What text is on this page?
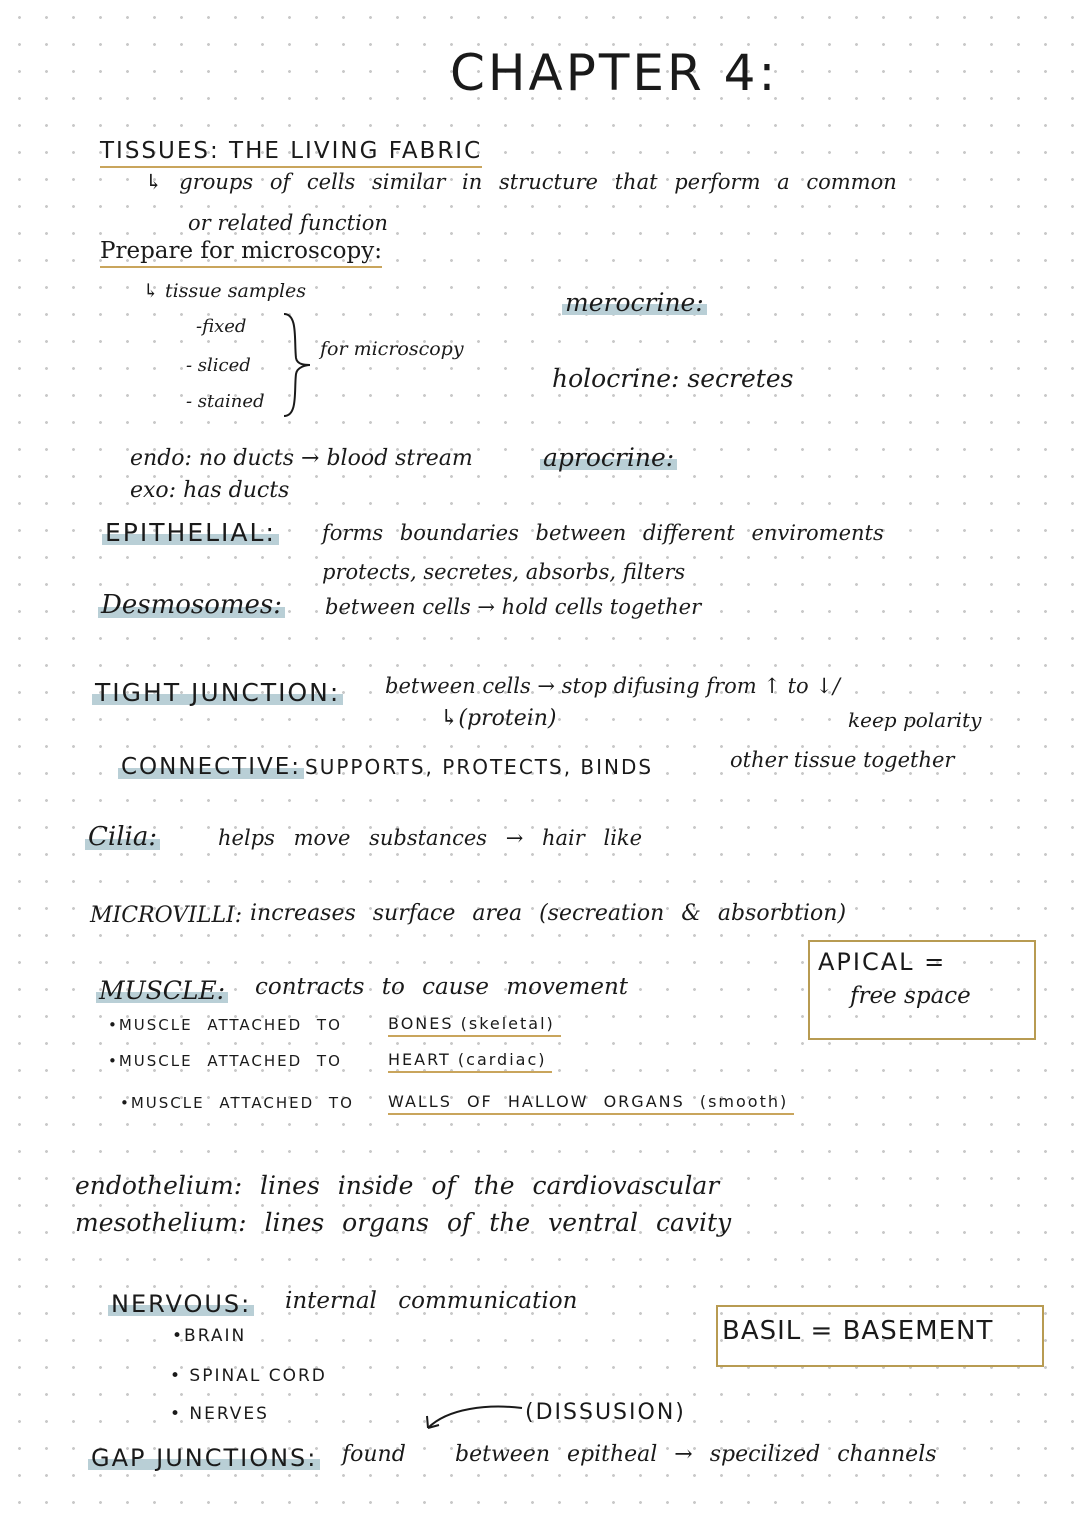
CHAPTER 4:
TISSUES: THE LIVING FABRIC
↳ groups of cells similar in structure that perform a common
or related function
Prepare for microscopy:
↳ tissue samples
-fixed
- sliced
- stained
for microscopy
merocrine:
holocrine: secretes
aprocrine:
endo: no ducts → blood stream
exo: has ducts
EPITHELIAL: forms boundaries between different enviroments
protects, secretes, absorbs, filters
Desmosomes: between cells → hold cells together
TIGHT JUNCTION: between cells → stop difusing from ↑ to ↓/
↳(protein)	keep polarity
CONNECTIVE: SUPPORTS, PROTECTS, BINDS	other tissue together
Cilia:	helps move substances → hair like
MICROVILLI: increases surface area (secreation & absorbtion)
APICAL =
free space
MUSCLE: contracts to cause movement
•MUSCLE ATTACHED TO	BONES (skeletal)
•MUSCLE ATTACHED TO	HEART (cardiac)
•MUSCLE ATTACHED TO WALLS OF HALLOW ORGANS (smooth)
endothelium: lines inside of the cardiovascular
mesothelium: lines organs of the ventral cavity
NERVOUS: internal communication
•BRAIN
• SPINAL CORD
• NERVES
BASIL = BASEMENT
(DISSUSION)
GAP JUNCTIONS: found between epitheal → specilized channels
